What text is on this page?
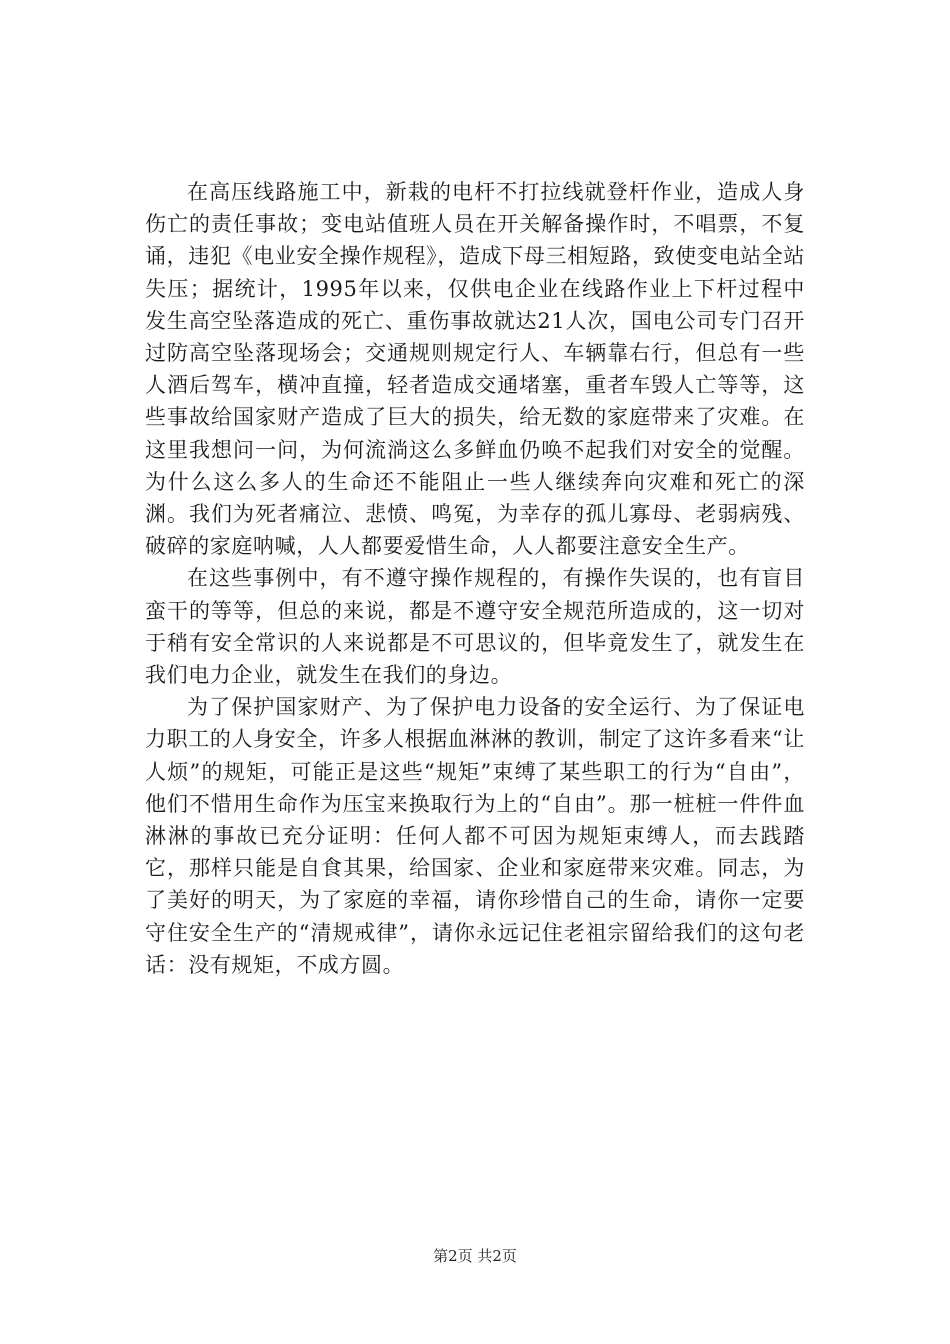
在高压线路施工中，新栽的电杆不打拉线就登杆作业，造成人身伤亡的责任事故；变电站值班人员在开关解备操作时，不唱票，不复诵，违犯《电业安全操作规程》，造成下母三相短路，致使变电站全站失压；据统计，1995年以来，仅供电企业在线路作业上下杆过程中发生高空坠落造成的死亡、重伤事故就达21人次，国电公司专门召开过防高空坠落现场会；交通规则规定行人、车辆靠右行，但总有一些人酒后驾车，横冲直撞，轻者造成交通堵塞，重者车毁人亡等等，这些事故给国家财产造成了巨大的损失，给无数的家庭带来了灾难。在这里我想问一问，为何流淌这么多鲜血仍唤不起我们对安全的觉醒。为什么这么多人的生命还不能阻止一些人继续奔向灾难和死亡的深渊。我们为死者痛泣、悲愤、鸣冤，为幸存的孤儿寡母、老弱病残、破碎的家庭呐喊，人人都要爱惜生命，人人都要注意安全生产。

在这些事例中，有不遵守操作规程的，有操作失误的，也有盲目蛮干的等等，但总的来说，都是不遵守安全规范所造成的，这一切对于稍有安全常识的人来说都是不可思议的，但毕竟发生了，就发生在我们电力企业，就发生在我们的身边。

为了保护国家财产、为了保护电力设备的安全运行、为了保证电力职工的人身安全，许多人根据血淋淋的教训，制定了这许多看来“让人烦”的规矩，可能正是这些“规矩”束缚了某些职工的行为“自由”，他们不惜用生命作为压宝来换取行为上的“自由”。那一桩桩一件件血淋淋的事故已充分证明：任何人都不可因为规矩束缚人，而去践踏它，那样只能是自食其果，给国家、企业和家庭带来灾难。同志，为了美好的明天，为了家庭的幸福，请你珍惜自己的生命，请你一定要守住安全生产的“清规戒律”，请你永远记住老祖宗留给我们的这句老话：没有规矩，不成方圆。

第2页 共2页
